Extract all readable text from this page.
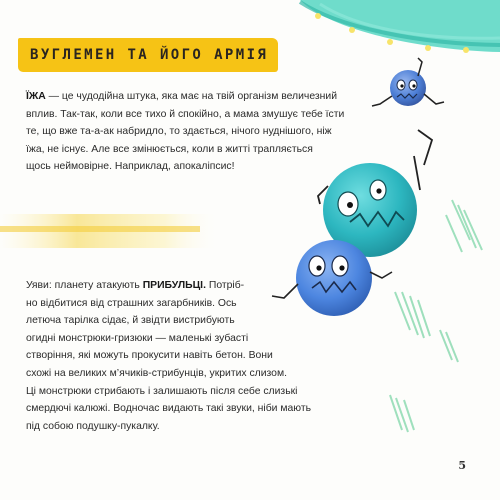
ВУГЛЕМЕН ТА ЙОГО АРМІЯ
ЇЖА — це чудодійна штука, яка має на твій організм величезний
вплив. Так-так, коли все тихо й спокійно, а мама змушує тебе їсти
те, що вже та-а-ак набридло, то здається, нічого нуднішого, ніж
їжа, не існує. Але все змінюється, коли в житті трапляється
щось неймовірне. Наприклад, апокаліпсис!
Уяви: планету атакують ПРИБУЛЬЦІ. Потріб-
но відбитися від страшних загарбників. Ось
летюча тарілка сідає, й звідти вистрибують
огидні монстрюки-гризюки — маленькі зубасті
створіння, які можуть прокусити навіть бетон. Вони
схожі на великих м’ячиків-стрибунців, укритих слизом.
Ці монстрюки стрибають і залишають після себе слизькі
смердючі калюжі. Водночас видають такі звуки, ніби мають
під собою подушку-пукалку.
5
